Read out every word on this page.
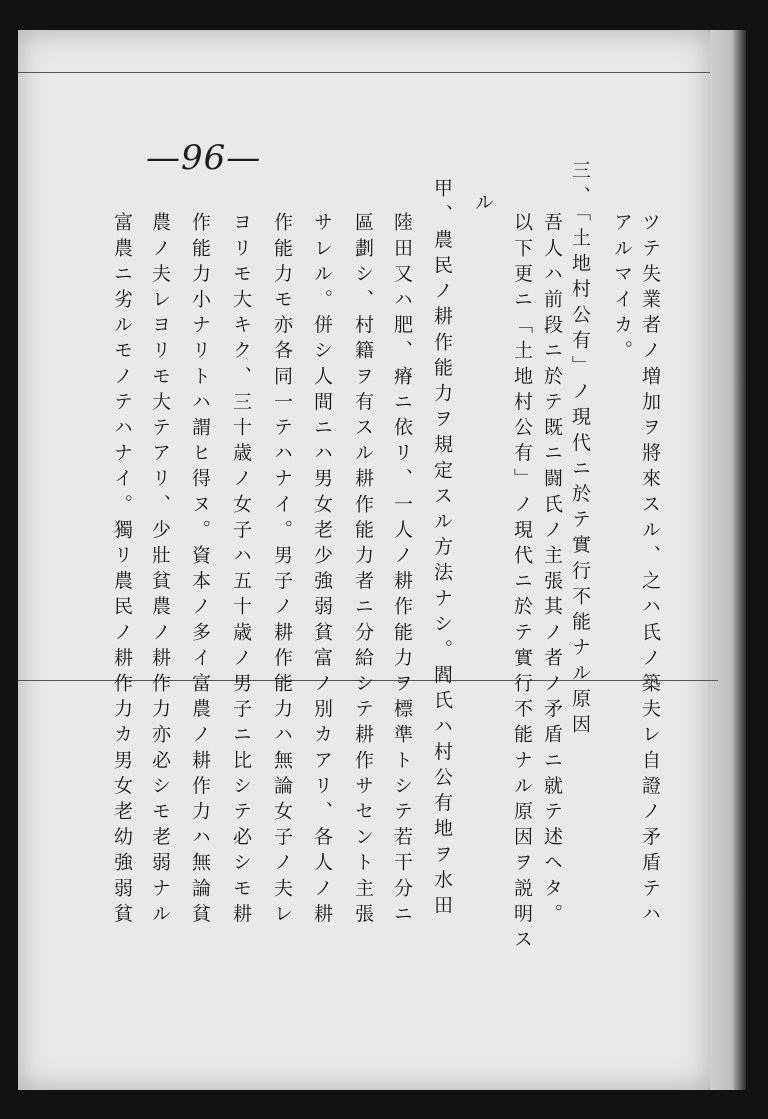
—96—
ツテ失業者ノ増加ヲ將來スル、之ハ氏ノ築夫レ自證ノ矛盾テハ
アルマイカ。
三、「土地村公有」ノ現代ニ於テ實行不能ナル原因
吾人ハ前段ニ於テ既ニ闘氏ノ主張其ノ者ノ矛盾ニ就テ述ヘタ。
以下更ニ「土地村公有」ノ現代ニ於テ實行不能ナル原因ヲ説明ス
ル
甲、農民ノ耕作能力ヲ規定スル方法ナシ。閻氏ハ村公有地ヲ水田
陸田又ハ肥、瘠ニ依リ、一人ノ耕作能力ヲ標準トシテ若干分ニ
區劃シ、村籍ヲ有スル耕作能力者ニ分給シテ耕作サセント主張
サレル。併シ人間ニハ男女老少強弱貧富ノ別カアリ、各人ノ耕
作能力モ亦各同一テハナイ。男子ノ耕作能力ハ無論女子ノ夫レ
ヨリモ大キク、三十歳ノ女子ハ五十歳ノ男子ニ比シテ必シモ耕
作能力小ナリトハ謂ヒ得ヌ。資本ノ多イ富農ノ耕作力ハ無論貧
農ノ夫レヨリモ大テアリ、少壯貧農ノ耕作力亦必シモ老弱ナル
富農ニ劣ルモノテハナイ。獨リ農民ノ耕作力カ男女老幼強弱貧
